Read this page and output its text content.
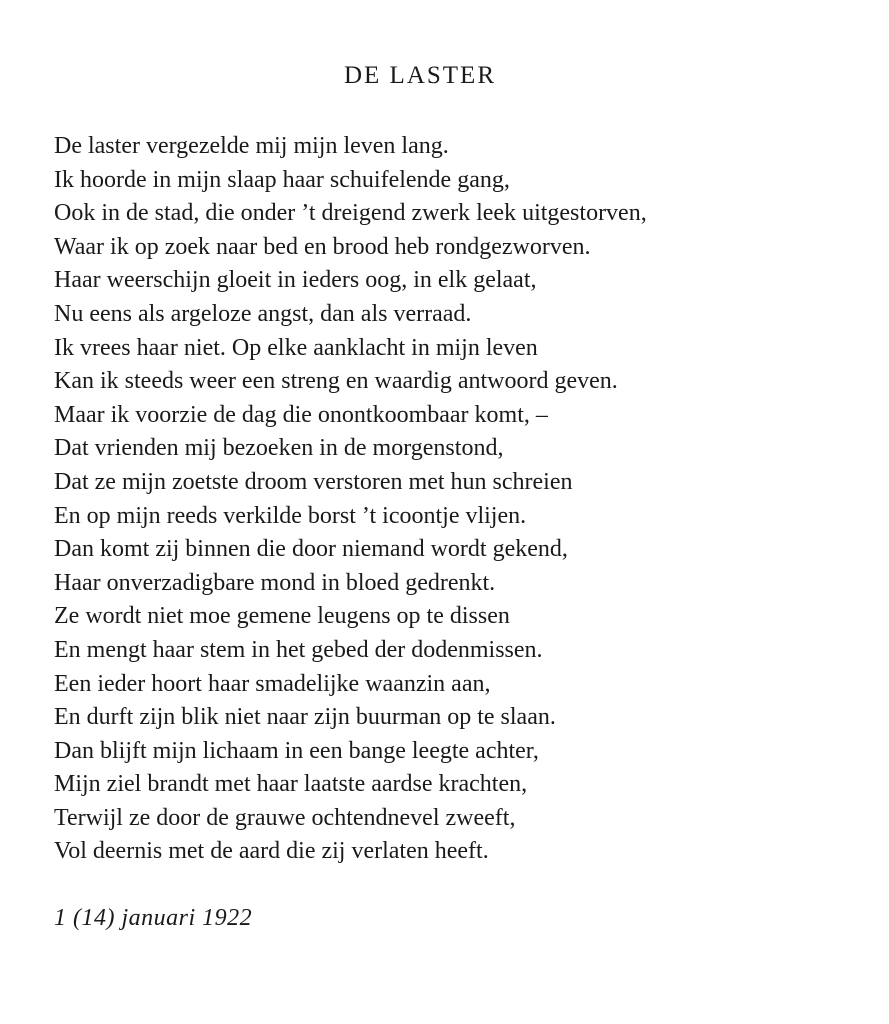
DE LASTER
De laster vergezelde mij mijn leven lang.
Ik hoorde in mijn slaap haar schuifelende gang,
Ook in de stad, die onder ’t dreigend zwerk leek uitgestorven,
Waar ik op zoek naar bed en brood heb rondgezworven.
Haar weerschijn gloeit in ieders oog, in elk gelaat,
Nu eens als argeloze angst, dan als verraad.
Ik vrees haar niet. Op elke aanklacht in mijn leven
Kan ik steeds weer een streng en waardig antwoord geven.
Maar ik voorzie de dag die onontkoombaar komt, –
Dat vrienden mij bezoeken in de morgenstond,
Dat ze mijn zoetste droom verstoren met hun schreien
En op mijn reeds verkilde borst ’t icoontje vlijen.
Dan komt zij binnen die door niemand wordt gekend,
Haar onverzadigbare mond in bloed gedrenkt.
Ze wordt niet moe gemene leugens op te dissen
En mengt haar stem in het gebed der dodenmissen.
Een ieder hoort haar smadelijke waanzin aan,
En durft zijn blik niet naar zijn buurman op te slaan.
Dan blijft mijn lichaam in een bange leegte achter,
Mijn ziel brandt met haar laatste aardse krachten,
Terwijl ze door de grauwe ochtendnevel zweeft,
Vol deernis met de aard die zij verlaten heeft.
1 (14) januari 1922
